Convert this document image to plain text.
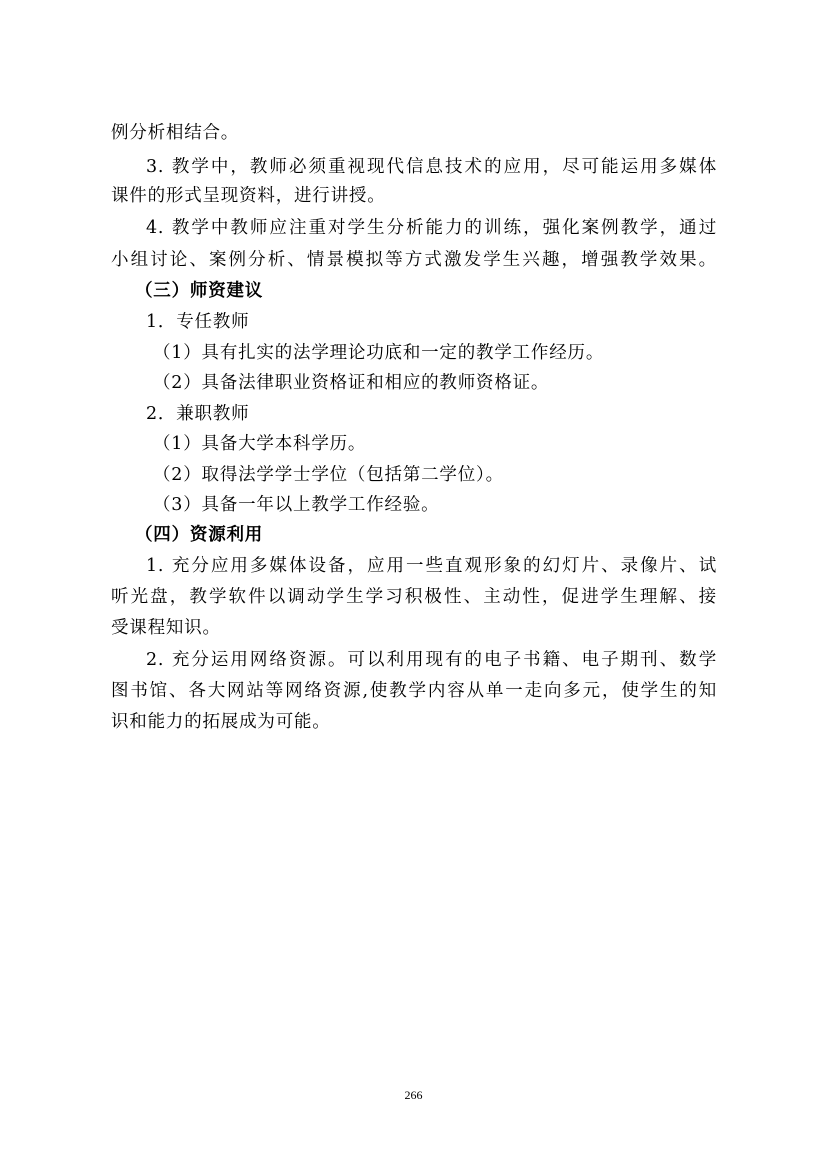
例分析相结合。
3. 教学中，教师必须重视现代信息技术的应用，尽可能运用多媒体
课件的形式呈现资料，进行讲授。
4. 教学中教师应注重对学生分析能力的训练，强化案例教学，通过
小组讨论、案例分析、情景模拟等方式激发学生兴趣，增强教学效果。
（三）师资建议
1．专任教师
（1）具有扎实的法学理论功底和一定的教学工作经历。
（2）具备法律职业资格证和相应的教师资格证。
2．兼职教师
（1）具备大学本科学历。
（2）取得法学学士学位（包括第二学位）。
（3）具备一年以上教学工作经验。
（四）资源利用
1. 充分应用多媒体设备，应用一些直观形象的幻灯片、录像片、试
听光盘，教学软件以调动学生学习积极性、主动性，促进学生理解、接
受课程知识。
2. 充分运用网络资源。可以利用现有的电子书籍、电子期刊、数学
图书馆、各大网站等网络资源,使教学内容从单一走向多元，使学生的知
识和能力的拓展成为可能。
266
